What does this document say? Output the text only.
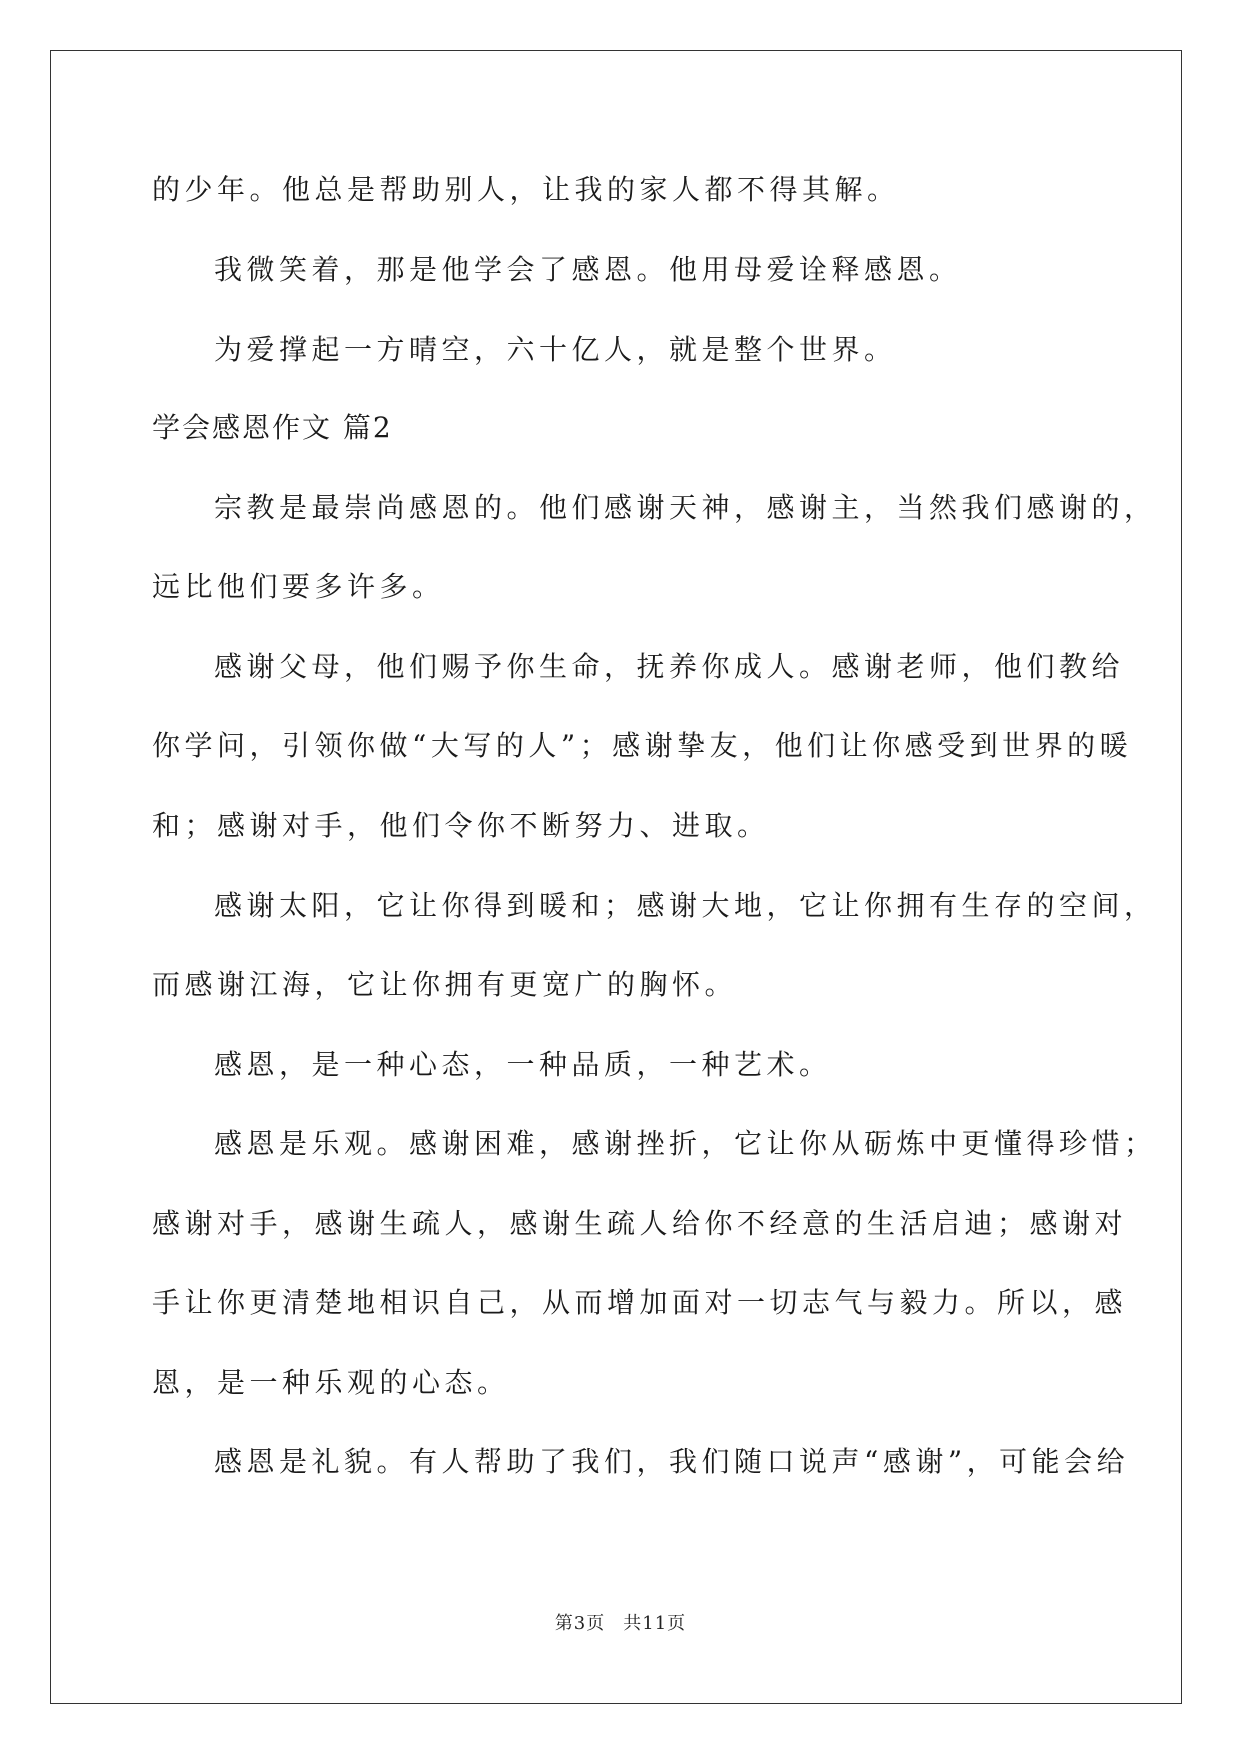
的少年。他总是帮助别人，让我的家人都不得其解。
我微笑着，那是他学会了感恩。他用母爱诠释感恩。
为爱撑起一方晴空，六十亿人，就是整个世界。
学会感恩作文 篇2
宗教是最崇尚感恩的。他们感谢天神，感谢主，当然我们感谢的，
远比他们要多许多。
感谢父母，他们赐予你生命，抚养你成人。感谢老师，他们教给
你学问，引领你做“大写的人”；感谢挚友，他们让你感受到世界的暖
和；感谢对手，他们令你不断努力、进取。
感谢太阳，它让你得到暖和；感谢大地，它让你拥有生存的空间，
而感谢江海，它让你拥有更宽广的胸怀。
感恩，是一种心态，一种品质，一种艺术。
感恩是乐观。感谢困难，感谢挫折，它让你从砺炼中更懂得珍惜；
感谢对手，感谢生疏人，感谢生疏人给你不经意的生活启迪；感谢对
手让你更清楚地相识自己，从而增加面对一切志气与毅力。所以，感
恩，是一种乐观的心态。
感恩是礼貌。有人帮助了我们，我们随口说声“感谢”，可能会给
第3页 共11页
